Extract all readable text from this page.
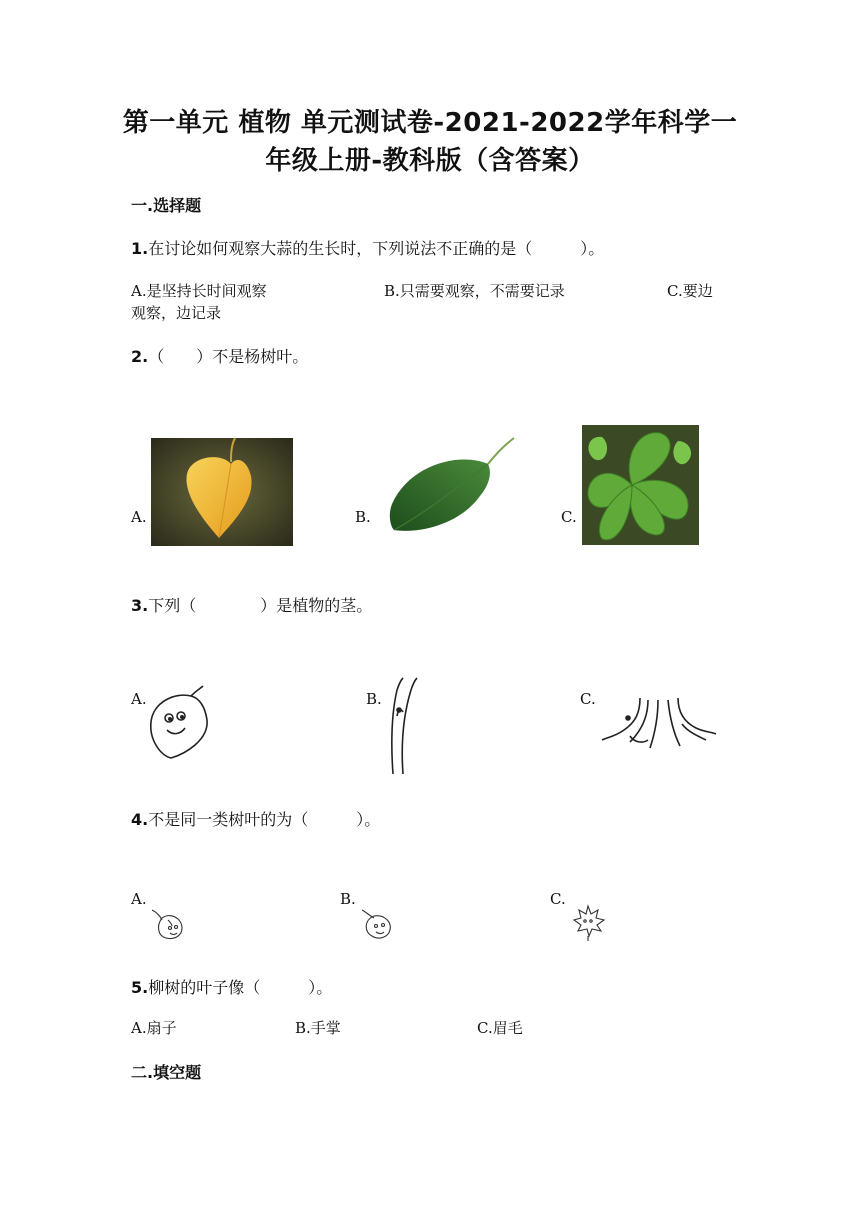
第一单元 植物 单元测试卷-2021-2022学年科学一
年级上册-教科版（含答案）
一.选择题
1.在讨论如何观察大蒜的生长时，下列说法不正确的是（　　　）。
A.是坚持长时间观察	B.只需要观察，不需要记录	C.要边
观察，边记录
2.（　　）不是杨树叶。
A.	B.	C.
3.下列（　　　　）是植物的茎。
A.	B.	C.
4.不是同一类树叶的为（　　　）。
A.	B.	C.
5.柳树的叶子像（　　　）。
A.扇子	B.手掌	C.眉毛
二.填空题
